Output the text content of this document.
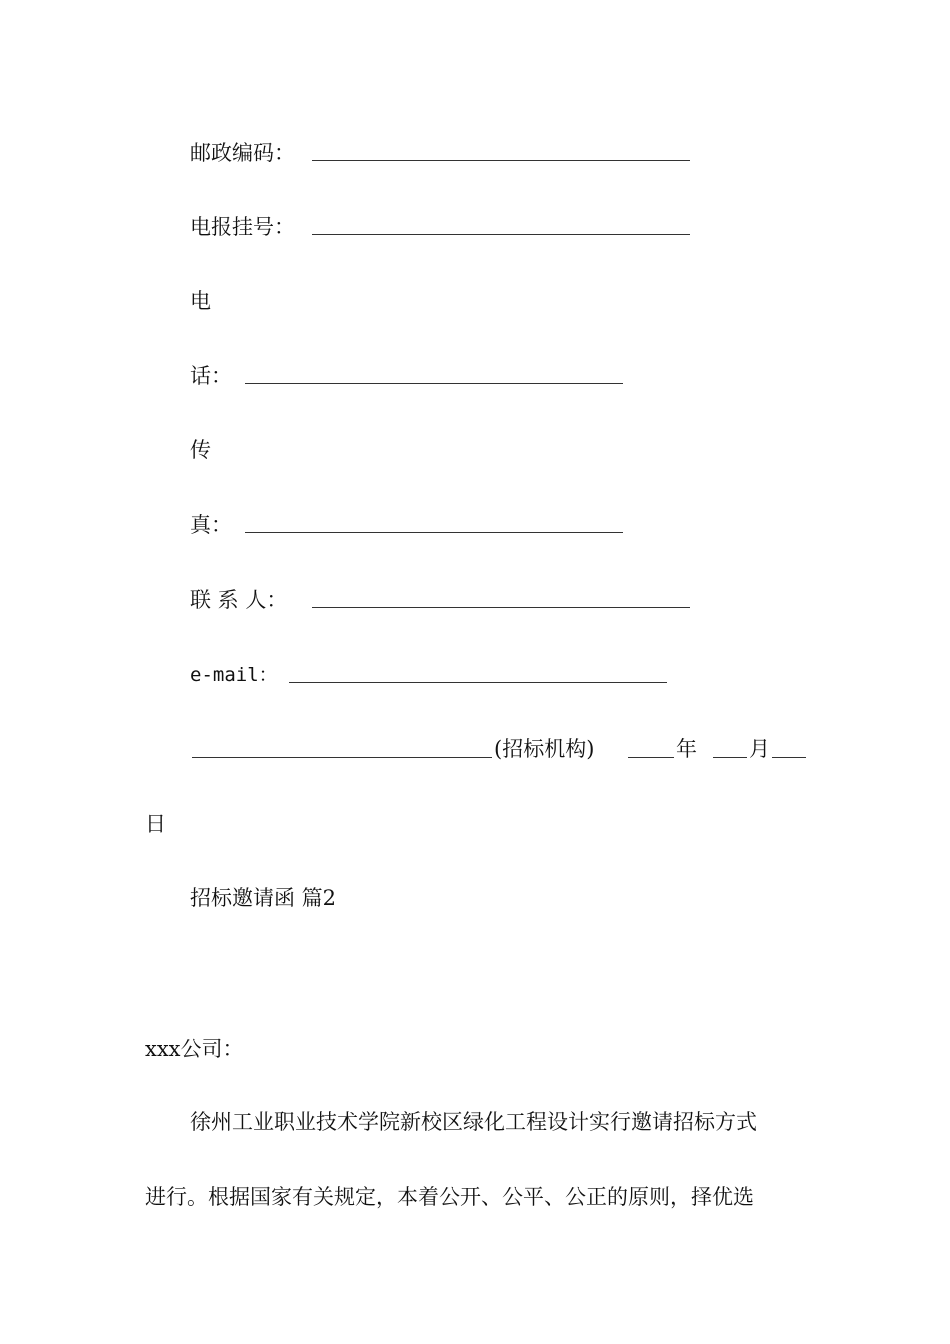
邮政编码：
电报挂号：
电
话：
传
真：
联 系 人：
e-mail：
(招标机构)	年 月
日
招标邀请函 篇2
xxx公司：
徐州工业职业技术学院新校区绿化工程设计实行邀请招标方式
进行。根据国家有关规定，本着公开、公平、公正的原则，择优选
